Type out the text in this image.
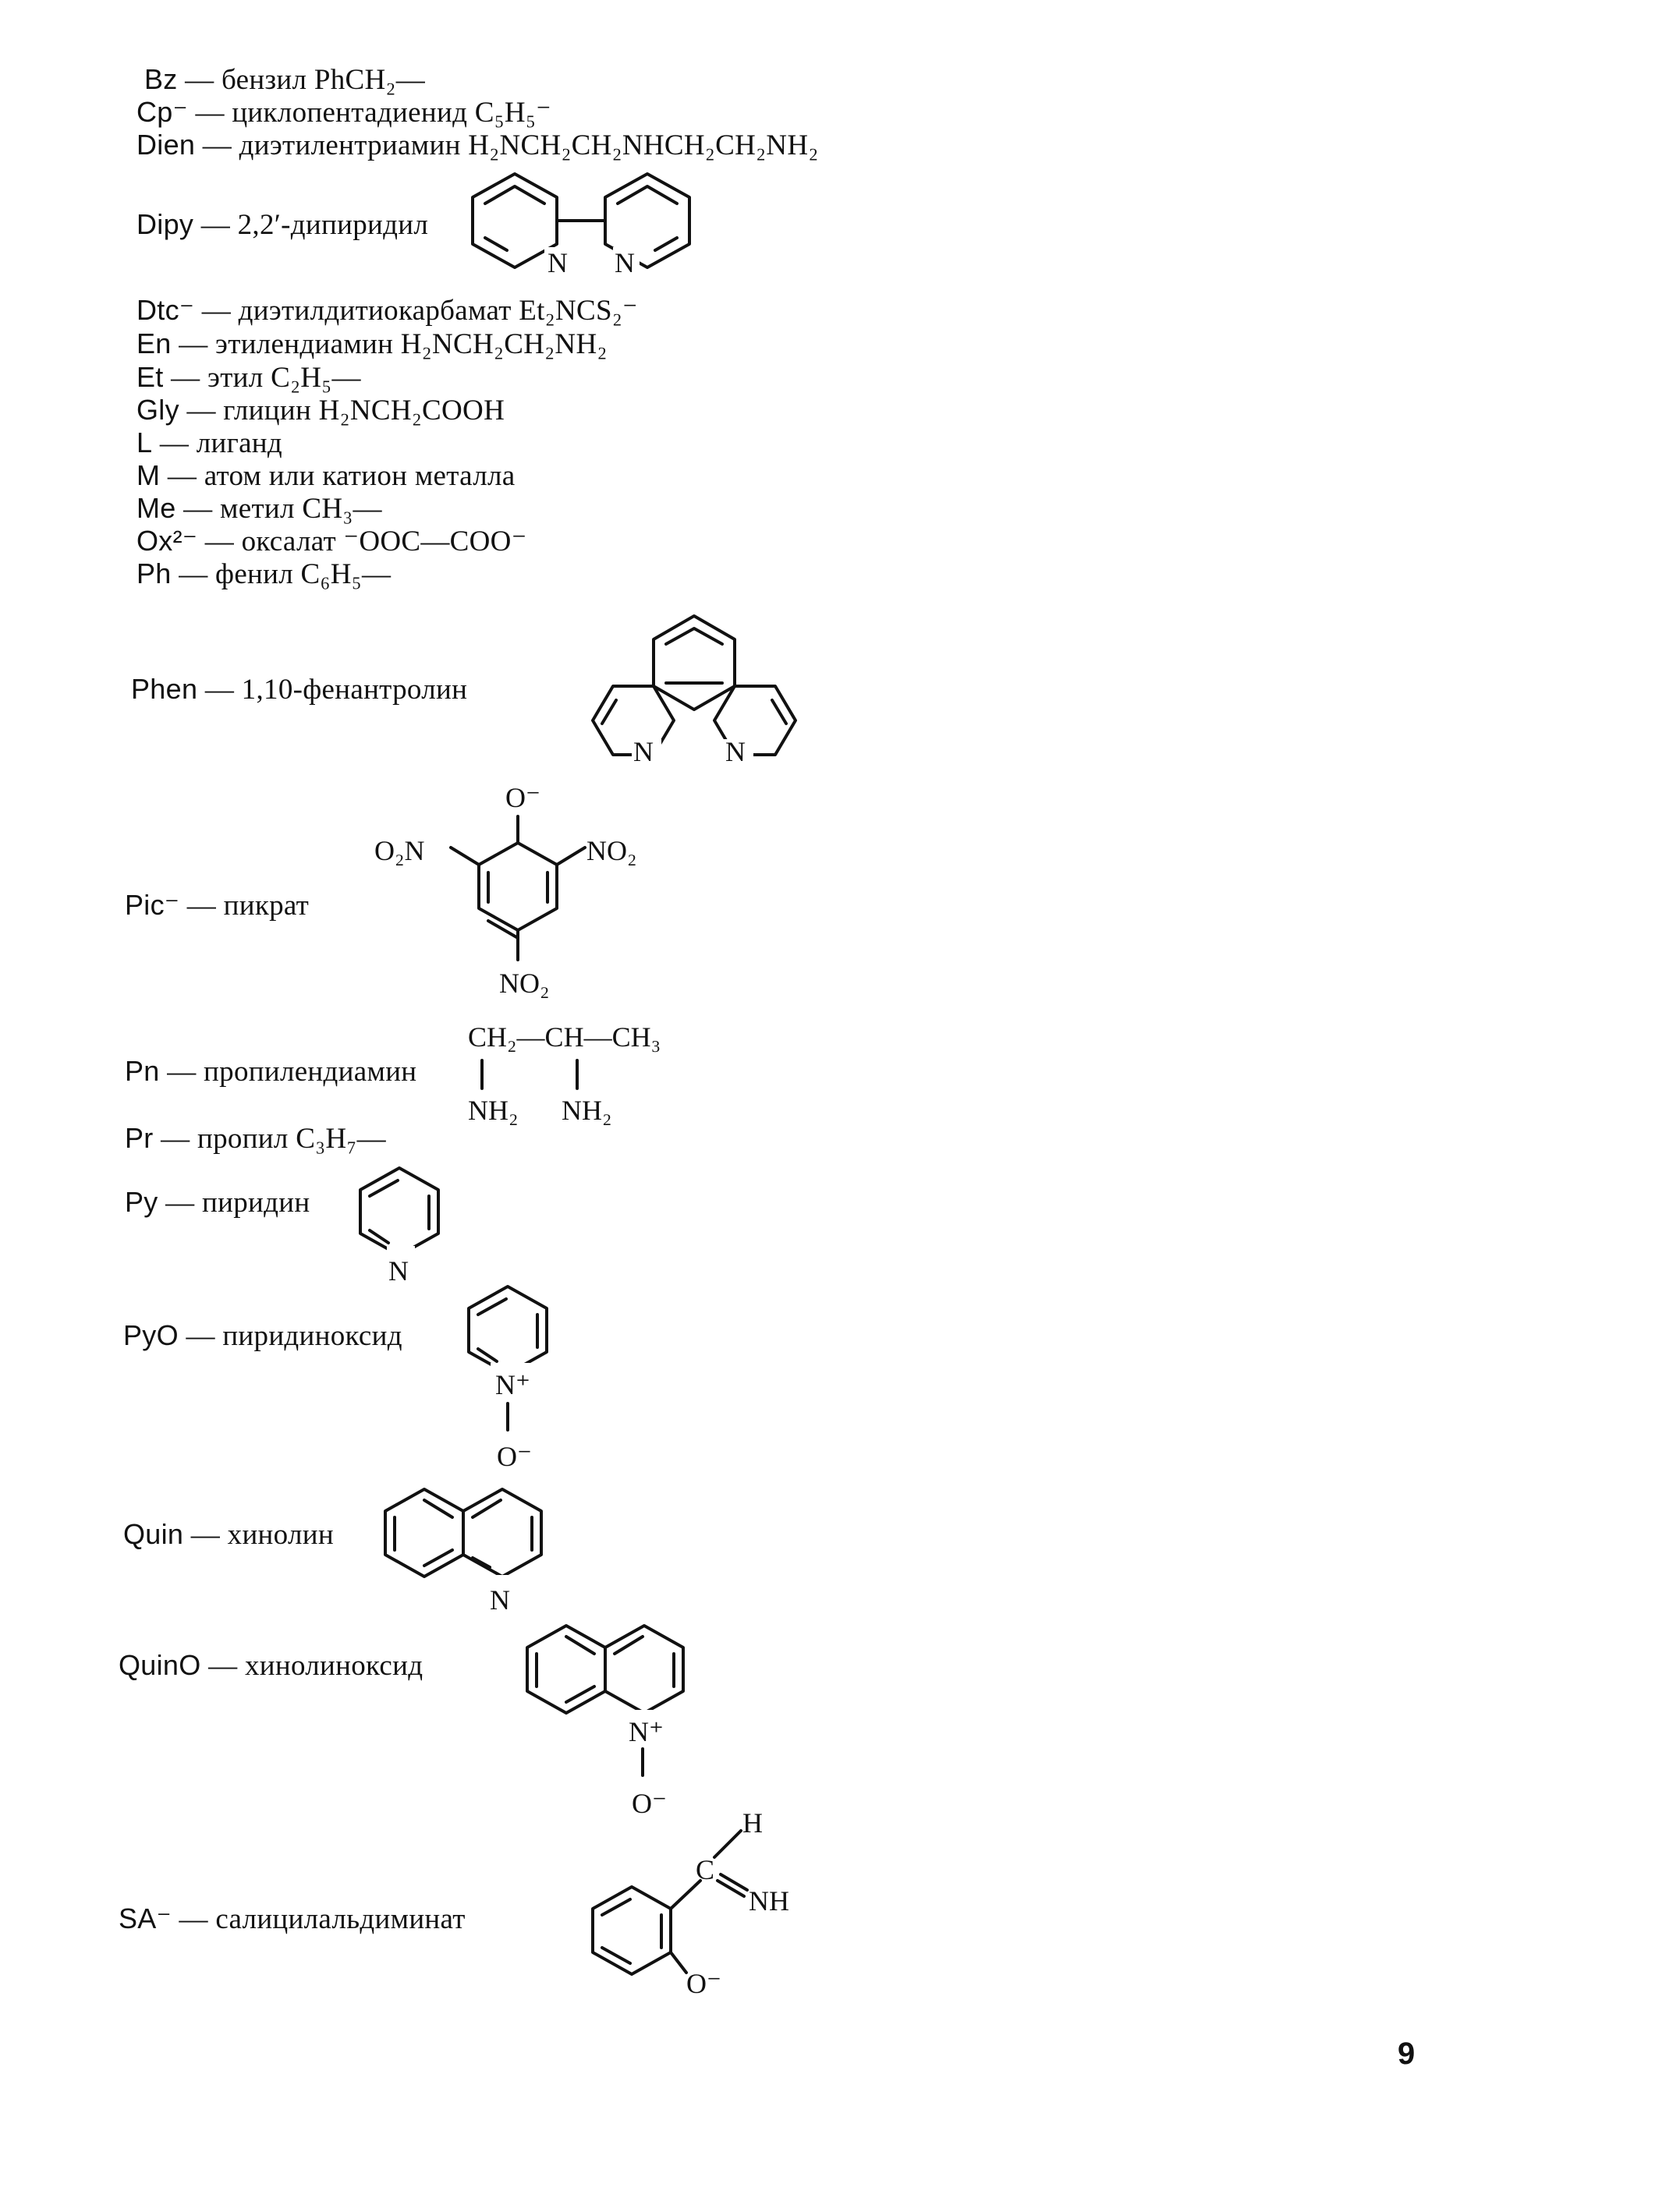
Bz — бензил PhCH₂—
Cp⁻ — циклопентадиенид C₅H₅⁻
Dien — диэтилентриамин H₂NCH₂CH₂NHCH₂CH₂NH₂
Dipy — 2,2′-дипиридил
Dtc⁻ — диэтилдитиокарбамат Et₂NCS₂⁻
En — этилендиамин H₂NCH₂CH₂NH₂
Et — этил C₂H₅—
Gly — глицин H₂NCH₂COOH
L — лиганд
M — атом или катион металла
Me — метил CH₃—
Ox²⁻ — оксалат ⁻OOC—COO⁻
Ph — фенил C₆H₅—
Phen — 1,10-фенантролин
Pic⁻ — пикрат
Pn — пропилендиамин
Pr — пропил C₃H₇—
Py — пиридин
PyO — пиридиноксид
Quin — хинолин
QuinO — хинолиноксид
SA⁻ — салицилальдиминат
N N
N	N
O⁻
O₂N	NO₂
NO₂
CH₂—CH—CH₃
NH₂ NH₂
N
N⁺
O⁻
N
N⁺
O⁻
C
H
NH
O⁻
9
